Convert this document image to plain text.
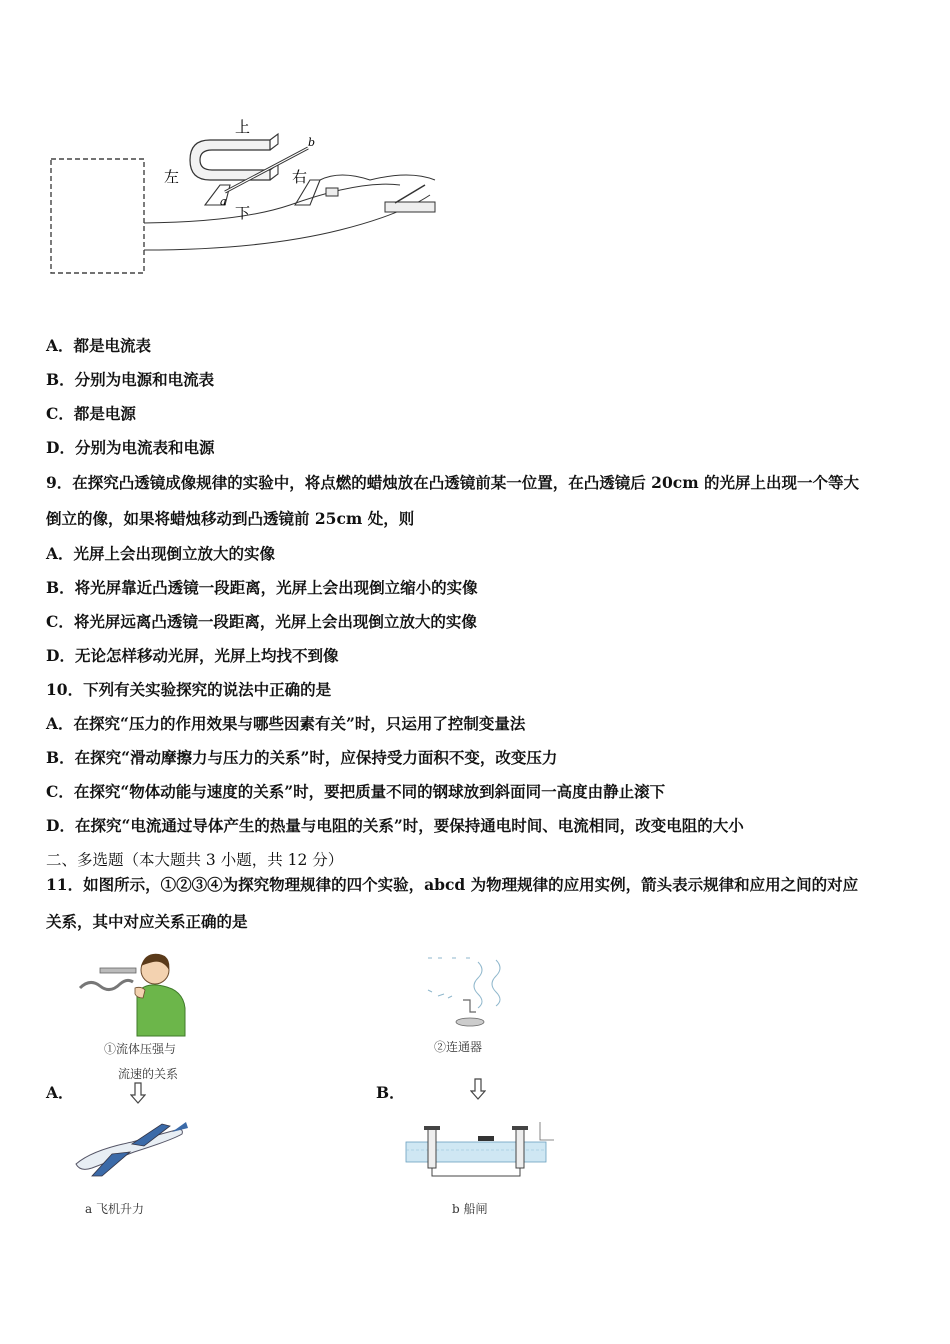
上
下
左	右
a
b
A．都是电流表
B．分别为电源和电流表
C．都是电源
D．分别为电流表和电源
9．在探究凸透镜成像规律的实验中，将点燃的蜡烛放在凸透镜前某一位置，在凸透镜后 20cm 的光屏上出现一个等大
倒立的像，如果将蜡烛移动到凸透镜前 25cm 处，则
A．光屏上会出现倒立放大的实像
B．将光屏靠近凸透镜一段距离，光屏上会出现倒立缩小的实像
C．将光屏远离凸透镜一段距离，光屏上会出现倒立放大的实像
D．无论怎样移动光屏，光屏上均找不到像
10．下列有关实验探究的说法中正确的是
A．在探究“压力的作用效果与哪些因素有关”时，只运用了控制变量法
B．在探究“滑动摩擦力与压力的关系”时，应保持受力面积不变，改变压力
C．在探究“物体动能与速度的关系”时，要把质量不同的钢球放到斜面同一高度由静止滚下
D．在探究“电流通过导体产生的热量与电阻的关系”时，要保持通电时间、电流相同，改变电阻的大小
二、多选题（本大题共 3 小题，共 12 分）
11．如图所示，①②③④为探究物理规律的四个实验，abcd 为物理规律的应用实例，箭头表示规律和应用之间的对应
关系，其中对应关系正确的是
①流体压强与
流速的关系
②连通器
A．	B．
a 飞机升力	b 船闸
